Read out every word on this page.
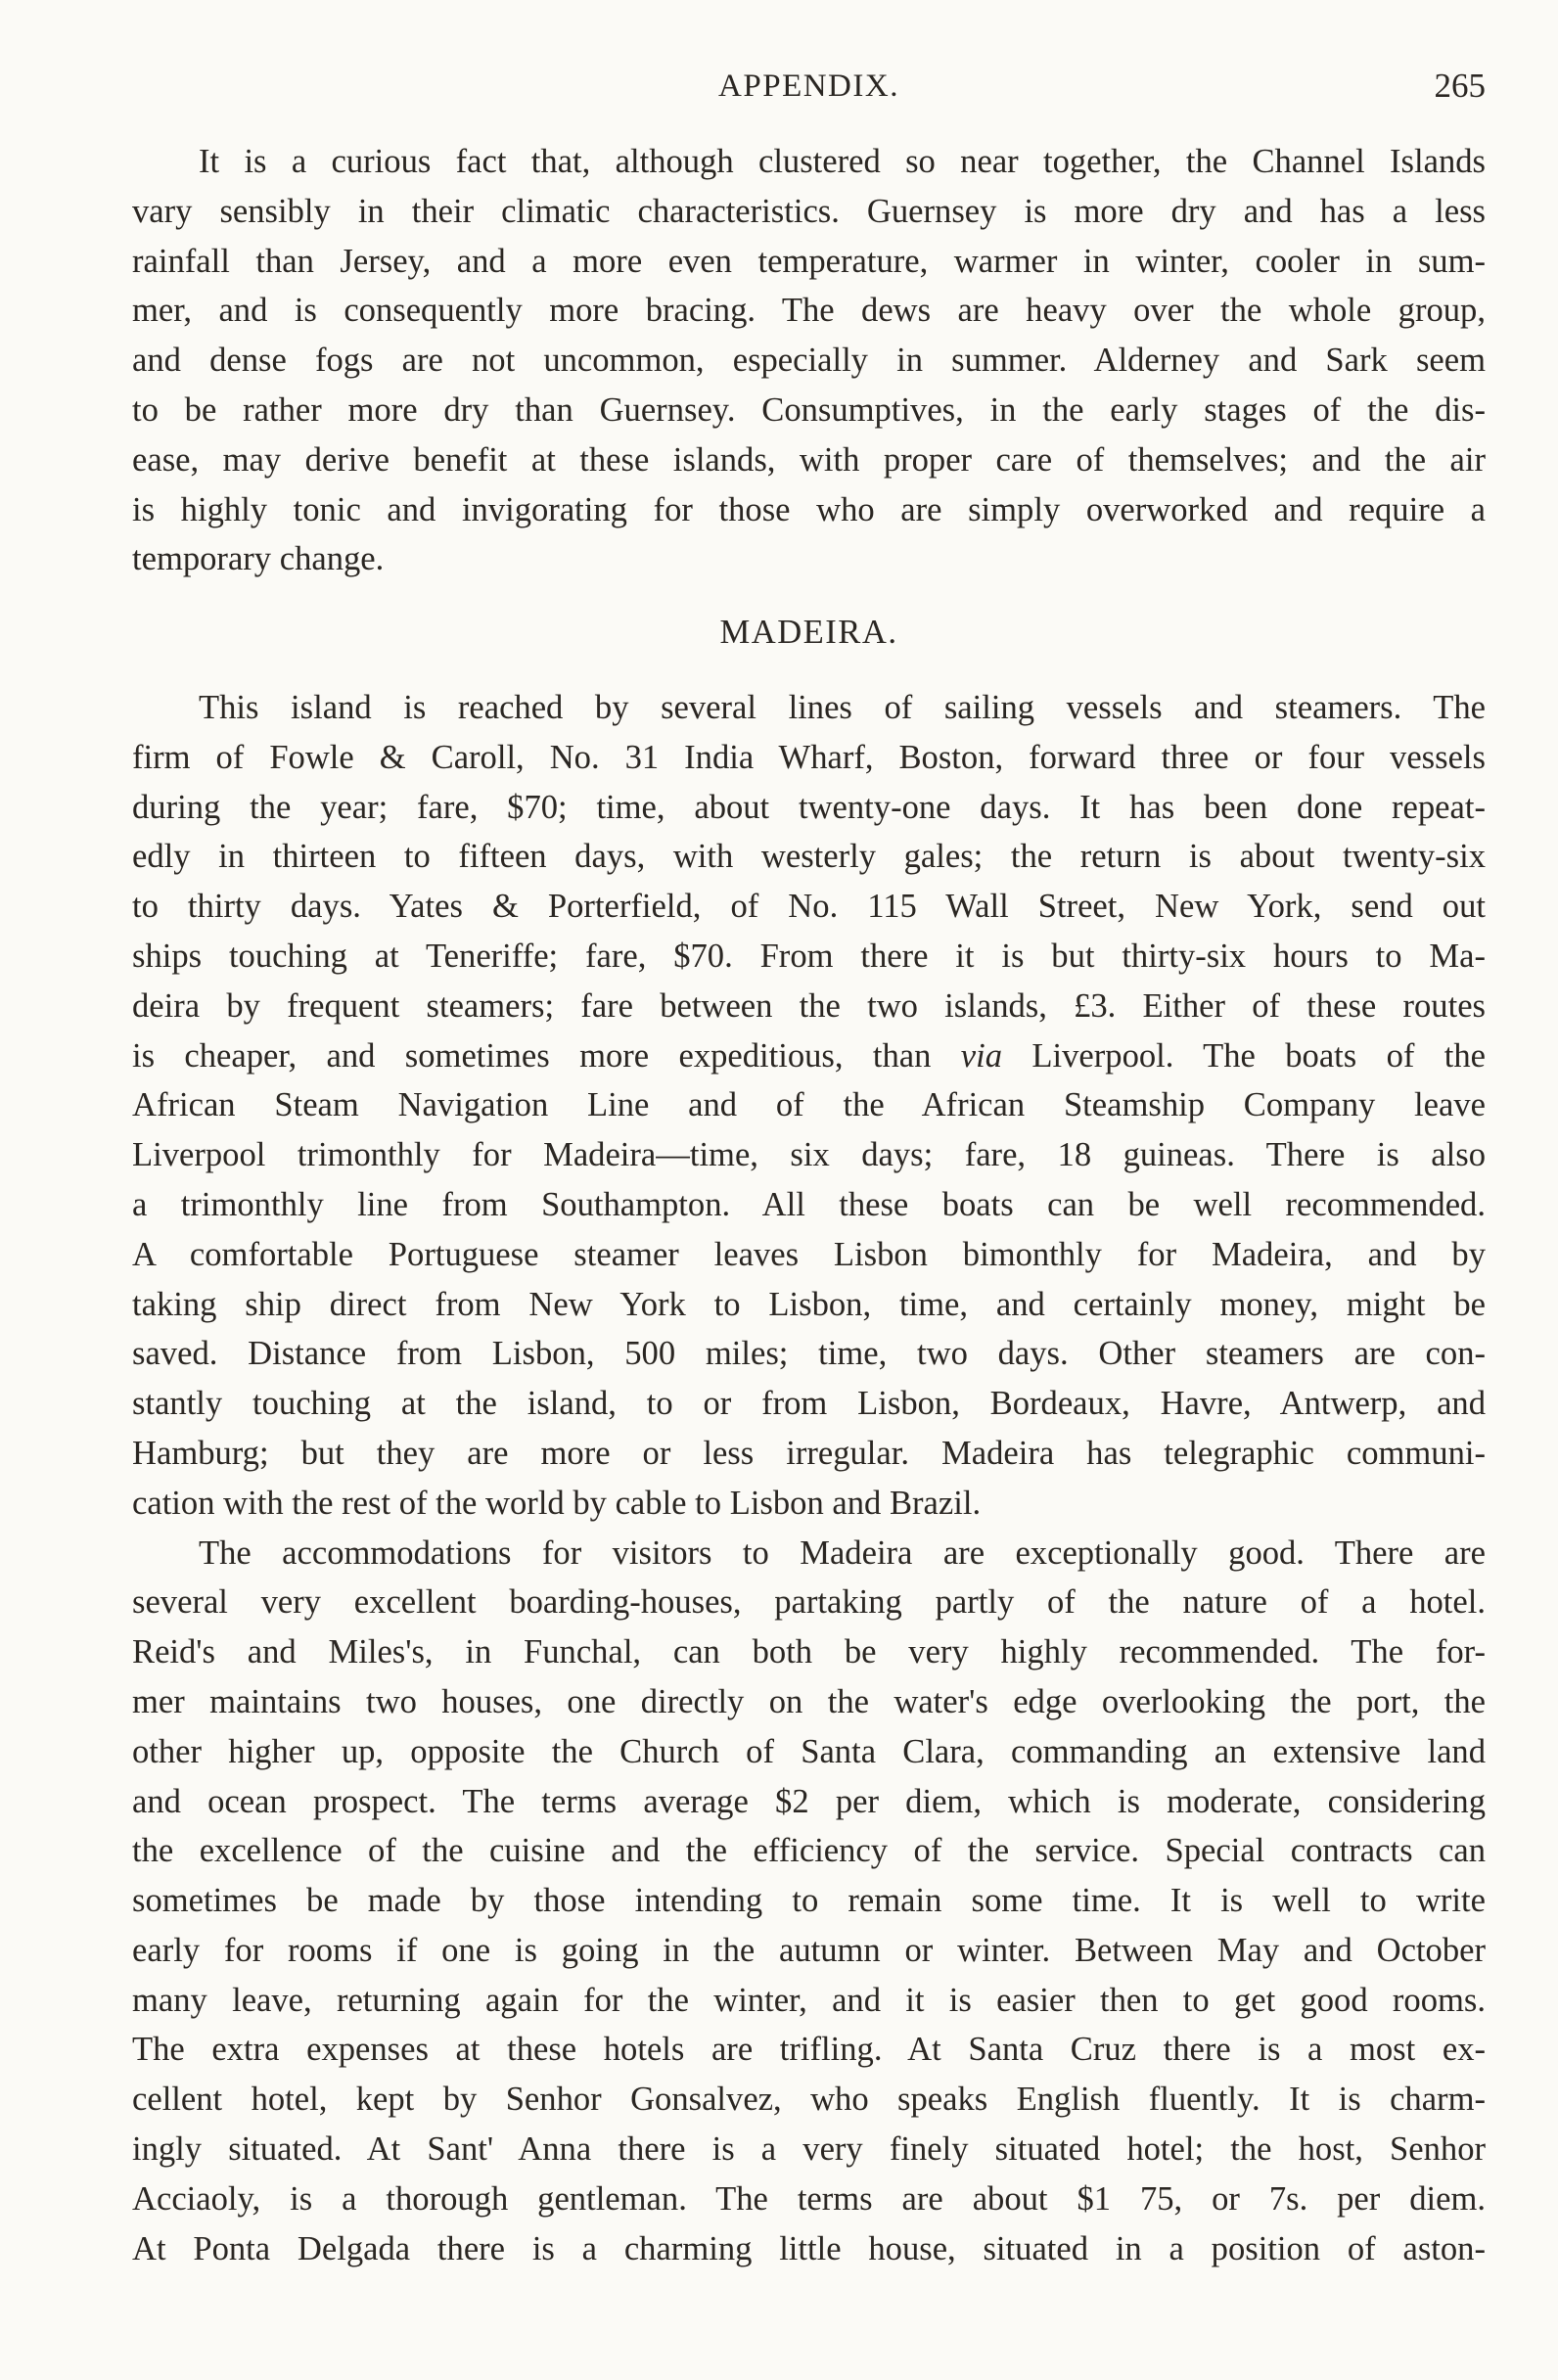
APPENDIX.	265
It is a curious fact that, although clustered so near together, the Channel Islands
vary sensibly in their climatic characteristics. Guernsey is more dry and has a less
rainfall than Jersey, and a more even temperature, warmer in winter, cooler in sum-
mer, and is consequently more bracing. The dews are heavy over the whole group,
and dense fogs are not uncommon, especially in summer. Alderney and Sark seem
to be rather more dry than Guernsey. Consumptives, in the early stages of the dis-
ease, may derive benefit at these islands, with proper care of themselves; and the air
is highly tonic and invigorating for those who are simply overworked and require a
temporary change.
MADEIRA.
This island is reached by several lines of sailing vessels and steamers. The
firm of Fowle & Caroll, No. 31 India Wharf, Boston, forward three or four vessels
during the year; fare, $70; time, about twenty-one days. It has been done repeat-
edly in thirteen to fifteen days, with westerly gales; the return is about twenty-six
to thirty days. Yates & Porterfield, of No. 115 Wall Street, New York, send out
ships touching at Teneriffe; fare, $70. From there it is but thirty-six hours to Ma-
deira by frequent steamers; fare between the two islands, £3. Either of these routes
is cheaper, and sometimes more expeditious, than via Liverpool. The boats of the
African Steam Navigation Line and of the African Steamship Company leave
Liverpool trimonthly for Madeira—time, six days; fare, 18 guineas. There is also
a trimonthly line from Southampton. All these boats can be well recommended.
A comfortable Portuguese steamer leaves Lisbon bimonthly for Madeira, and by
taking ship direct from New York to Lisbon, time, and certainly money, might be
saved. Distance from Lisbon, 500 miles; time, two days. Other steamers are con-
stantly touching at the island, to or from Lisbon, Bordeaux, Havre, Antwerp, and
Hamburg; but they are more or less irregular. Madeira has telegraphic communi-
cation with the rest of the world by cable to Lisbon and Brazil.
The accommodations for visitors to Madeira are exceptionally good. There are
several very excellent boarding-houses, partaking partly of the nature of a hotel.
Reid's and Miles's, in Funchal, can both be very highly recommended. The for-
mer maintains two houses, one directly on the water's edge overlooking the port, the
other higher up, opposite the Church of Santa Clara, commanding an extensive land
and ocean prospect. The terms average $2 per diem, which is moderate, considering
the excellence of the cuisine and the efficiency of the service. Special contracts can
sometimes be made by those intending to remain some time. It is well to write
early for rooms if one is going in the autumn or winter. Between May and October
many leave, returning again for the winter, and it is easier then to get good rooms.
The extra expenses at these hotels are trifling. At Santa Cruz there is a most ex-
cellent hotel, kept by Senhor Gonsalvez, who speaks English fluently. It is charm-
ingly situated. At Sant' Anna there is a very finely situated hotel; the host, Senhor
Acciaoly, is a thorough gentleman. The terms are about $1 75, or 7s. per diem.
At Ponta Delgada there is a charming little house, situated in a position of aston-
